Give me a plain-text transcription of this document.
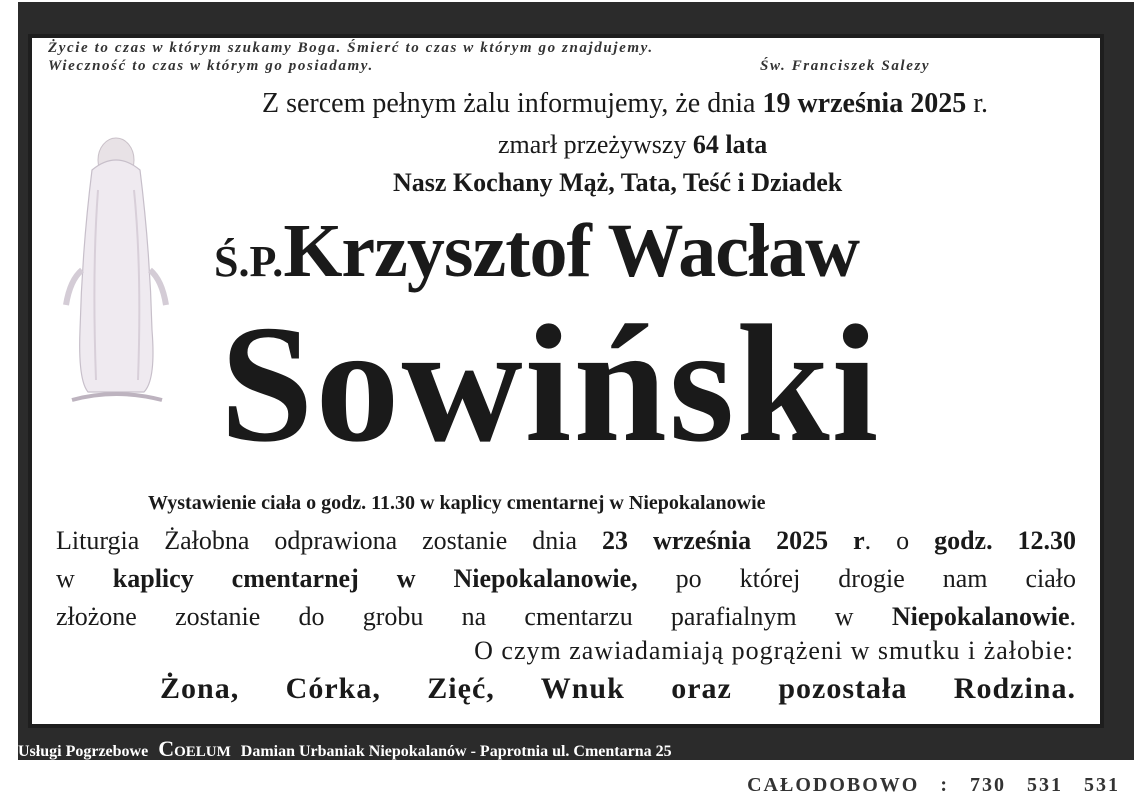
Życie to czas w którym szukamy Boga. Śmierć to czas w którym go znajdujemy.
Wieczność to czas w którym go posiadamy.	Św. Franciszek Salezy
Z sercem pełnym żalu informujemy, że dnia 19 września 2025 r.
zmarł przeżywszy 64 lata
Nasz Kochany Mąż, Tata, Teść i Dziadek
Ś.P.Krzysztof Wacław
Sowiński
Wystawienie ciała o godz. 11.30 w kaplicy cmentarnej w Niepokalanowie
Liturgia Żałobna odprawiona zostanie dnia 23 września 2025 r. o godz. 12.30
w kaplicy cmentarnej w Niepokalanowie, po której drogie nam ciało
złożone zostanie do grobu na cmentarzu parafialnym w Niepokalanowie.
O czym zawiadamiają pogrążeni w smutku i żałobie:
Żona, Córka, Zięć, Wnuk oraz pozostała Rodzina.
Usługi Pogrzebowe Coelum Damian Urbaniak Niepokalanów - Paprotnia ul. Cmentarna 25
CAŁODOBOWO : 730 531 531
